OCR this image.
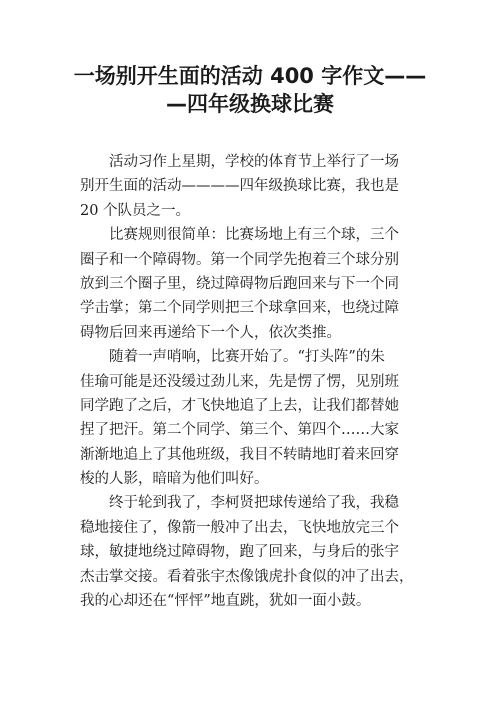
一场别开生面的活动 400 字作文——
—四年级换球比赛
活动习作上星期，学校的体育节上举行了一场
别开生面的活动————四年级换球比赛，我也是
20 个队员之一。
比赛规则很简单：比赛场地上有三个球，三个
圈子和一个障碍物。第一个同学先抱着三个球分别
放到三个圈子里，绕过障碍物后跑回来与下一个同
学击掌；第二个同学则把三个球拿回来，也绕过障
碍物后回来再递给下一个人，依次类推。
随着一声哨响，比赛开始了。“打头阵”的朱
佳瑜可能是还没缓过劲儿来，先是愣了愣，见别班
同学跑了之后，才飞快地追了上去，让我们都替她
捏了把汗。第二个同学、第三个、第四个……大家
渐渐地追上了其他班级，我目不转睛地盯着来回穿
梭的人影，暗暗为他们叫好。
终于轮到我了，李柯贤把球传递给了我，我稳
稳地接住了，像箭一般冲了出去，飞快地放完三个
球，敏捷地绕过障碍物，跑了回来，与身后的张宇
杰击掌交接。看着张宇杰像饿虎扑食似的冲了出去，
我的心却还在“怦怦”地直跳，犹如一面小鼓。
